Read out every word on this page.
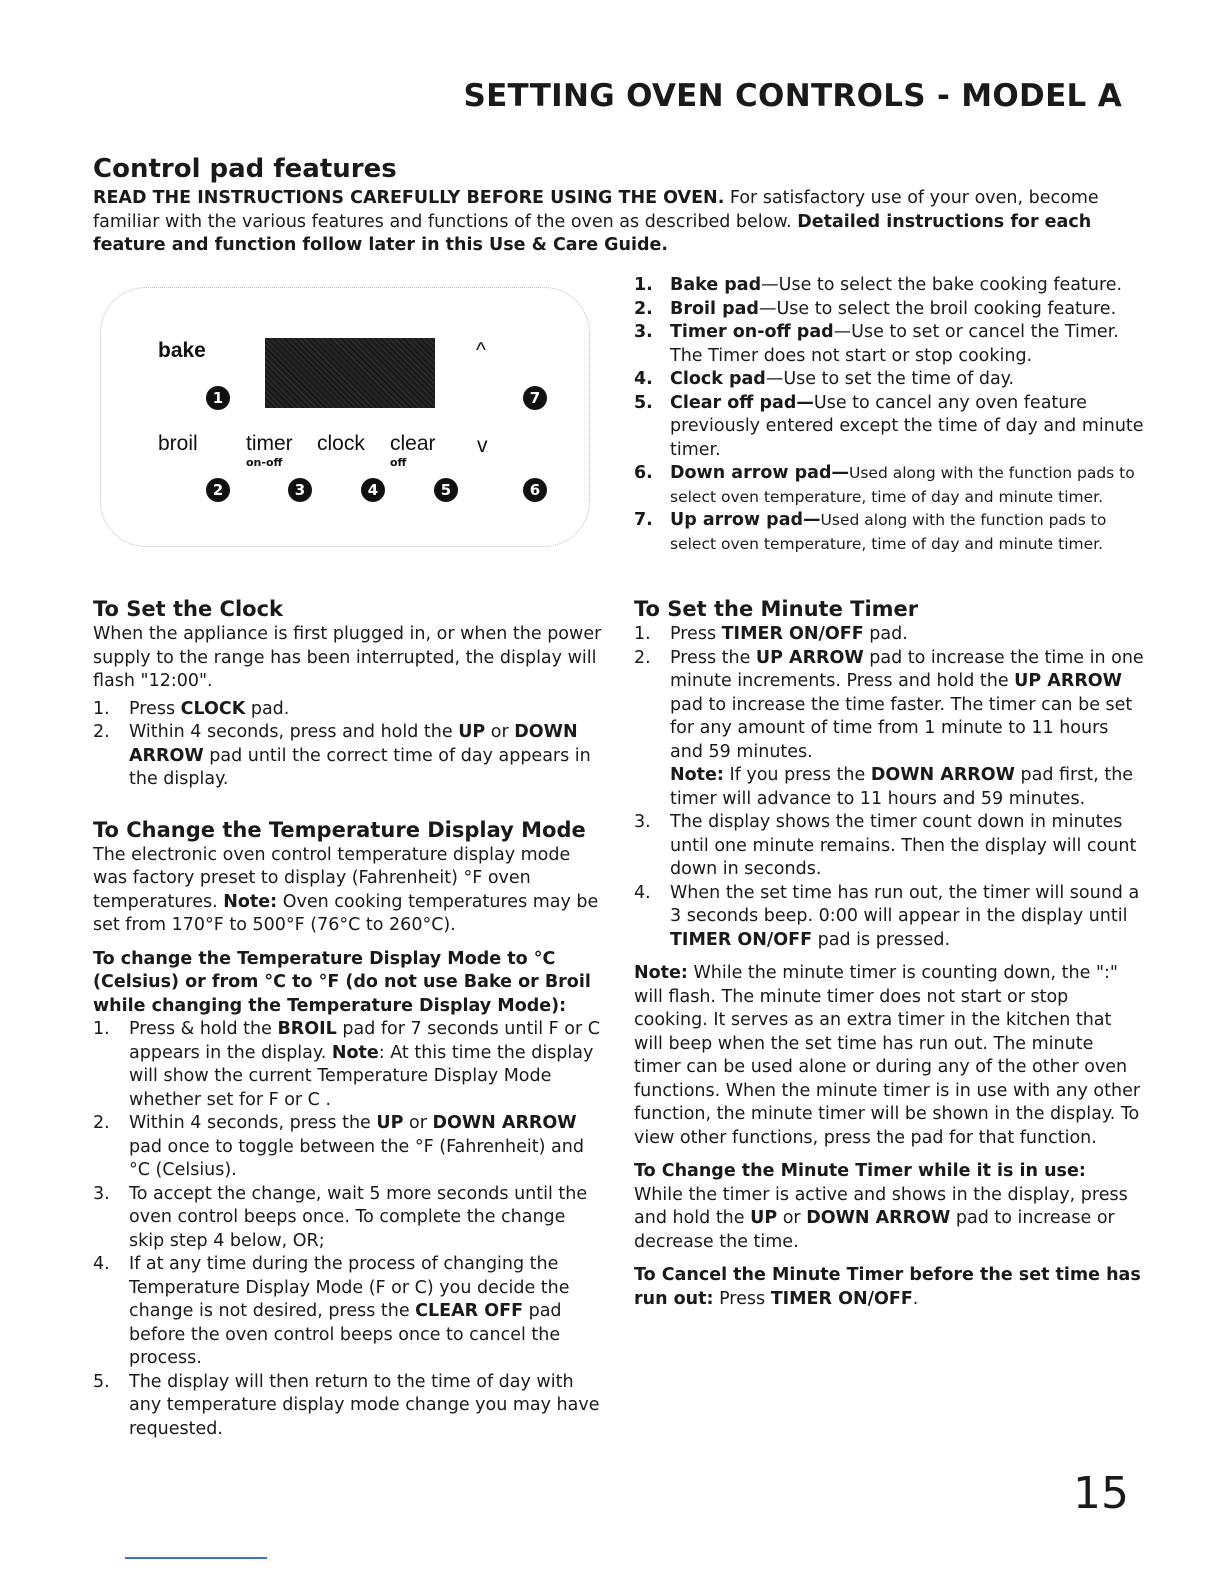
SETTING OVEN CONTROLS - MODEL A
Control pad features
READ THE INSTRUCTIONS CAREFULLY BEFORE USING THE OVEN. For satisfactory use of your oven, become familiar with the various features and functions of the oven as described below. Detailed instructions for each feature and function follow later in this Use & Care Guide.
bake	^
1	7
broil timer
on-off
clock clear
off
v
2	3	4	5	6
1. Bake pad—Use to select the bake cooking feature.
2. Broil pad—Use to select the broil cooking feature.
3. Timer on-off pad—Use to set or cancel the Timer. The Timer does not start or stop cooking.
4. Clock pad—Use to set the time of day.
5. Clear off pad—Use to cancel any oven feature previously entered except the time of day and minute timer.
6. Down arrow pad—Used along with the function pads to select oven temperature, time of day and minute timer.
7. Up arrow pad—Used along with the function pads to select oven temperature, time of day and minute timer.
To Set the Clock
When the appliance is first plugged in, or when the power supply to the range has been interrupted, the display will flash "12:00".
1. Press CLOCK pad.
2. Within 4 seconds, press and hold the UP or DOWN ARROW pad until the correct time of day appears in the display.
To Change the Temperature Display Mode
The electronic oven control temperature display mode was factory preset to display (Fahrenheit) °F oven temperatures. Note: Oven cooking temperatures may be set from 170°F to 500°F (76°C to 260°C).
To change the Temperature Display Mode to °C (Celsius) or from °C to °F (do not use Bake or Broil while changing the Temperature Display Mode):
1. Press & hold the BROIL pad for 7 seconds until F or C appears in the display. Note: At this time the display will show the current Temperature Display Mode whether set for F or C .
2. Within 4 seconds, press the UP or DOWN ARROW pad once to toggle between the °F (Fahrenheit) and °C (Celsius).
3. To accept the change, wait 5 more seconds until the oven control beeps once. To complete the change skip step 4 below, OR;
4. If at any time during the process of changing the Temperature Display Mode (F or C) you decide the change is not desired, press the CLEAR OFF pad before the oven control beeps once to cancel the process.
5. The display will then return to the time of day with any temperature display mode change you may have requested.
To Set the Minute Timer
1. Press TIMER ON/OFF pad.
2. Press the UP ARROW pad to increase the time in one minute increments. Press and hold the UP ARROW pad to increase the time faster. The timer can be set for any amount of time from 1 minute to 11 hours and 59 minutes.
Note: If you press the DOWN ARROW pad first, the timer will advance to 11 hours and 59 minutes.
3. The display shows the timer count down in minutes until one minute remains. Then the display will count down in seconds.
4. When the set time has run out, the timer will sound a 3 seconds beep. 0:00 will appear in the display until TIMER ON/OFF pad is pressed.
Note: While the minute timer is counting down, the ":" will flash. The minute timer does not start or stop cooking. It serves as an extra timer in the kitchen that will beep when the set time has run out. The minute timer can be used alone or during any of the other oven functions. When the minute timer is in use with any other function, the minute timer will be shown in the display. To view other functions, press the pad for that function.
To Change the Minute Timer while it is in use:
While the timer is active and shows in the display, press and hold the UP or DOWN ARROW pad to increase or decrease the time.
To Cancel the Minute Timer before the set time has run out: Press TIMER ON/OFF.
15
